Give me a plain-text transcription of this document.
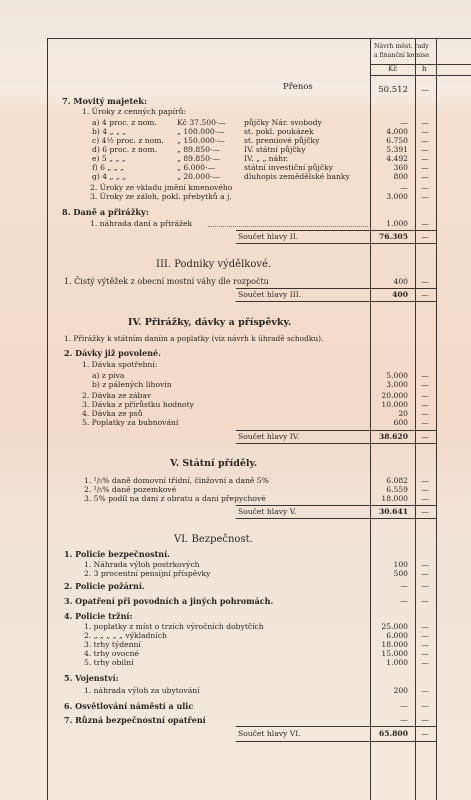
Návrh měst. rady
a finanční komise
Kč	h
Přenos	50.512	—
7. Movitý majetek:
1. Úroky z cenných papírů:
a) 4 proc. z nom.	Kč 37.500·— půjčky Nár. svobody	—	—
b) 4 „ „ „	„ 100.000·—	st. pokl. poukázek	4.000	—
c) 4½ proc. z nom. „ 150.000·—	st. premiové půjčky	6.750	—
d) 6 proc. z nom.	„ 89.850·—	IV. státní půjčky	5.391	—
e) 5 „ „ „	„ 89.850·—	IV. „ „ náhr.	4.492	—
f) 6 „ „ „	„ 6.000·—	státní investiční půjčky	360	—
g) 4 „ „ „	„ 20.000·—	dluhopis zemědělské banky	800	—
2. Úroky ze vkladu jmění kmenového	—	—
3. Úroky ze záloh, pokl. přebytků a j.	3.000	—
8. Daně a přirážky:
1. náhrada daní a přirážek	1.000	—
Součet hlavy II.	76.305	—
III. Podniky výdělkové.
1. Čistý výtěžek z obecní mostní váhy dle rozpočtu	400	—
Součet hlavy III.	400	—
IV. Přirážky, dávky a příspěvky.
1. Přirážky k státním daním a poplatky (viz návrh k úhradě schodku).
2. Dávky již povolené.
1. Dávka spotřební:
a) z piva	5.000	—
b) z pálených lihovin	3.000	—
2. Dávka ze zábav	20.000	—
3. Dávka z přírůstku hodnoty	10.000	—
4. Dávka ze psů	20	—
5. Poplatky za bubnování	600	—
Součet hlavy IV.	38.620	—
V. Státní příděly.
1. ¹/₅% daně domovní třídní, činžovní a daně 5%	6.082	—
2. ¹/₅% daně pozemkové	6.559	—
3. 5% podíl na dani z obratu a dani přepychové	18.000	—
Součet hlavy V.	30.641	—
VI. Bezpečnost.
1. Policie bezpečnostní.
1. Náhrada výloh postrkových	100	—
2. 3 procentní pensijní příspěvky	500	—
2. Policie požární.	—	—
3. Opatření při povodních a jiných pohromách.	—	—
4. Policie tržní:
1. poplatky z míst o trzích výročních dobytčích	25.000	—
2. „ „ „ „ „ výkladních	6.000	—
3. trhy týdenní	18.000	—
4. trhy ovocné	15.000	—
5. trhy obilní	1.000	—
5. Vojenství:
1. náhrada výloh za ubytování	200	—
6. Osvětlování náměstí a ulic	—	—
7. Různá bezpečnostní opatření	—	—
Součet hlavy VI.	65.800	—
